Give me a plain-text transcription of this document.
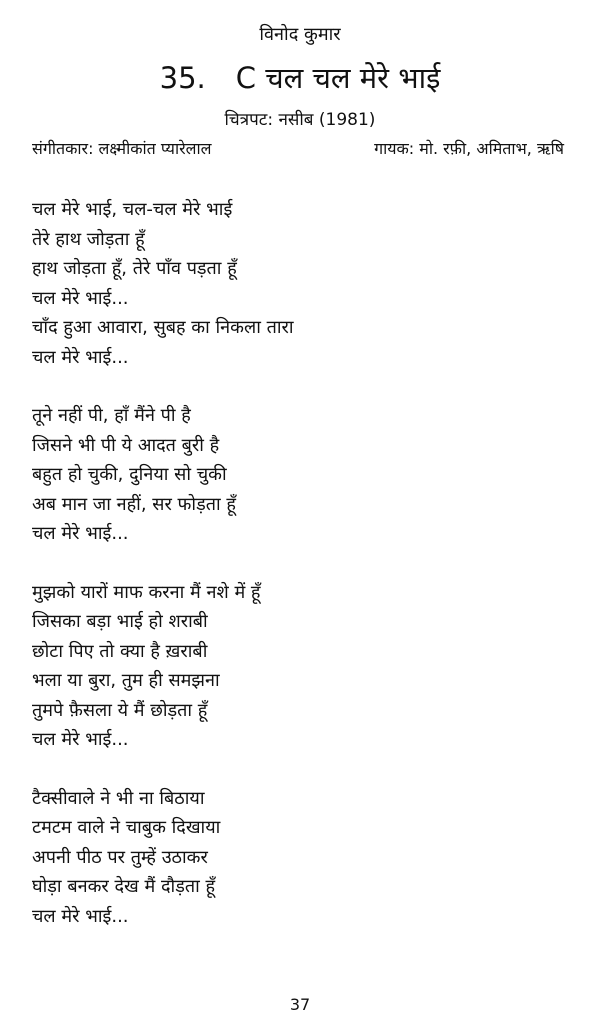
विनोद कुमार
35. C चल चल मेरे भाई
चित्रपट: नसीब (1981)
संगीतकार: लक्ष्मीकांत प्यारेलाल	गायक: मो. रफ़ी, अमिताभ, ऋषि
चल मेरे भाई, चल-चल मेरे भाई
तेरे हाथ जोड़ता हूँ
हाथ जोड़ता हूँ, तेरे पाँव पड़ता हूँ
चल मेरे भाई...
चाँद हुआ आवारा, सुबह का निकला तारा
चल मेरे भाई...
तूने नहीं पी, हाँ मैंने पी है
जिसने भी पी ये आदत बुरी है
बहुत हो चुकी, दुनिया सो चुकी
अब मान जा नहीं, सर फोड़ता हूँ
चल मेरे भाई...
मुझको यारों माफ करना मैं नशे में हूँ
जिसका बड़ा भाई हो शराबी
छोटा पिए तो क्या है ख़राबी
भला या बुरा, तुम ही समझना
तुमपे फ़ैसला ये मैं छोड़ता हूँ
चल मेरे भाई...
टैक्सीवाले ने भी ना बिठाया
टमटम वाले ने चाबुक दिखाया
अपनी पीठ पर तुम्हें उठाकर
घोड़ा बनकर देख मैं दौड़ता हूँ
चल मेरे भाई...
37
